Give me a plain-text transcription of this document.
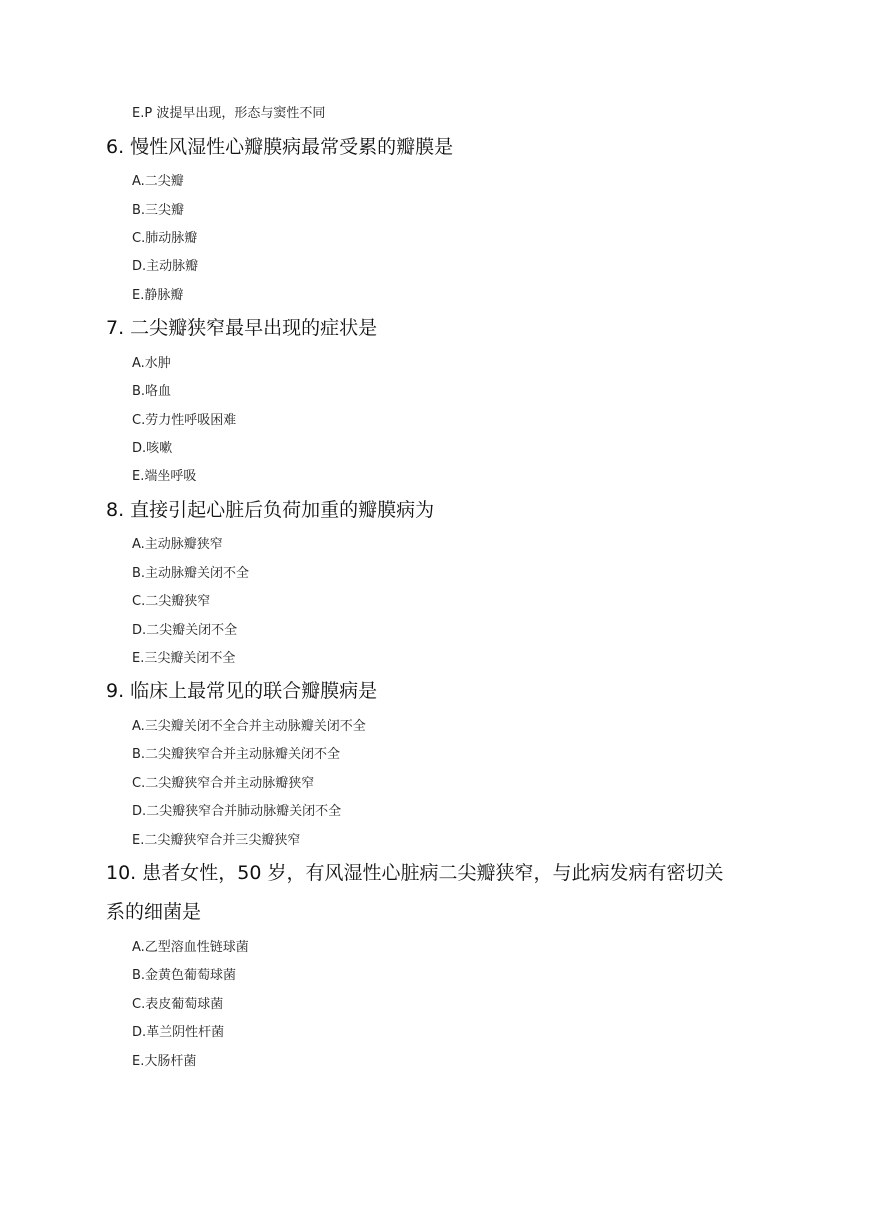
E.P 波提早出现，形态与窦性不同
6. 慢性风湿性心瓣膜病最常受累的瓣膜是
A.二尖瓣
B.三尖瓣
C.肺动脉瓣
D.主动脉瓣
E.静脉瓣
7. 二尖瓣狭窄最早出现的症状是
A.水肿
B.咯血
C.劳力性呼吸困难
D.咳嗽
E.端坐呼吸
8. 直接引起心脏后负荷加重的瓣膜病为
A.主动脉瓣狭窄
B.主动脉瓣关闭不全
C.二尖瓣狭窄
D.二尖瓣关闭不全
E.三尖瓣关闭不全
9. 临床上最常见的联合瓣膜病是
A.三尖瓣关闭不全合并主动脉瓣关闭不全
B.二尖瓣狭窄合并主动脉瓣关闭不全
C.二尖瓣狭窄合并主动脉瓣狭窄
D.二尖瓣狭窄合并肺动脉瓣关闭不全
E.二尖瓣狭窄合并三尖瓣狭窄
10. 患者女性，50 岁，有风湿性心脏病二尖瓣狭窄，与此病发病有密切关
系的细菌是
A.乙型溶血性链球菌
B.金黄色葡萄球菌
C.表皮葡萄球菌
D.革兰阴性杆菌
E.大肠杆菌
